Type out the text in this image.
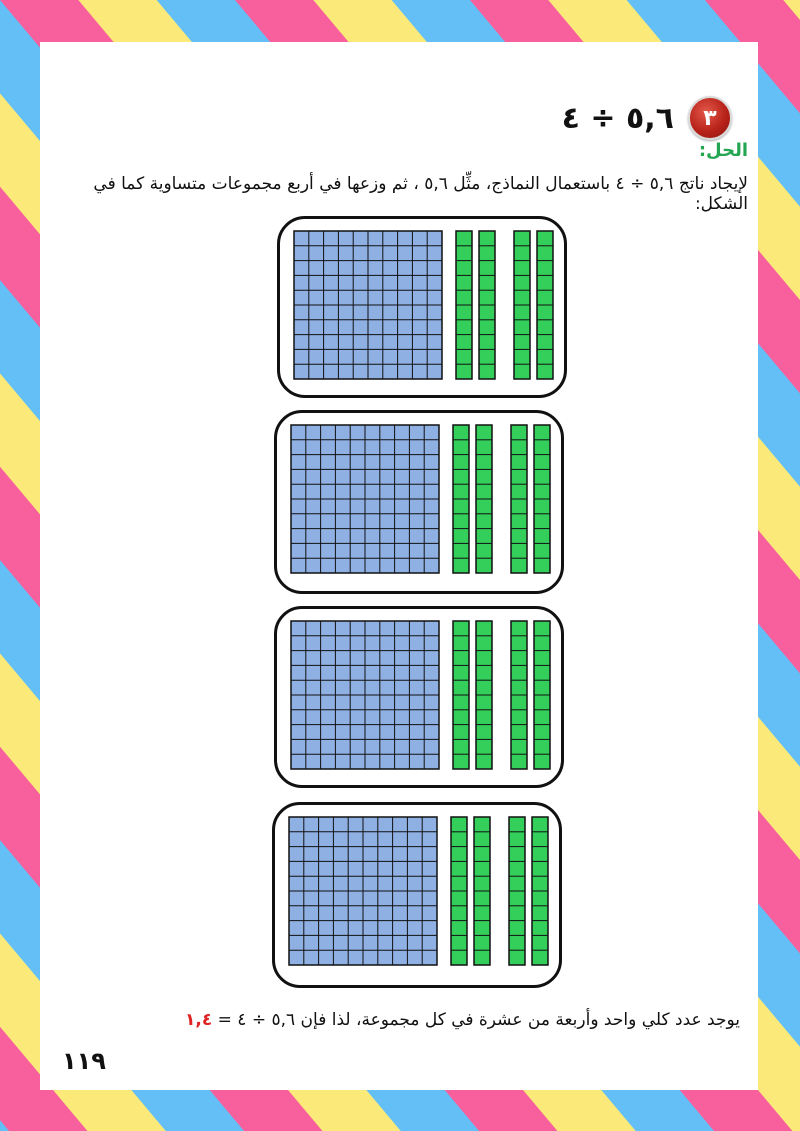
٣
٥,٦ ÷ ٤
الحل:
لإيجاد ناتج ٥,٦ ÷ ٤ باستعمال النماذج، مثِّل ٥,٦ ، ثم وزعها في أربع مجموعات متساوية كما في الشكل:
يوجد عدد كلي واحد وأربعة من عشرة في كل مجموعة، لذا فإن ٥,٦ ÷ ٤ = ١,٤
١١٩
